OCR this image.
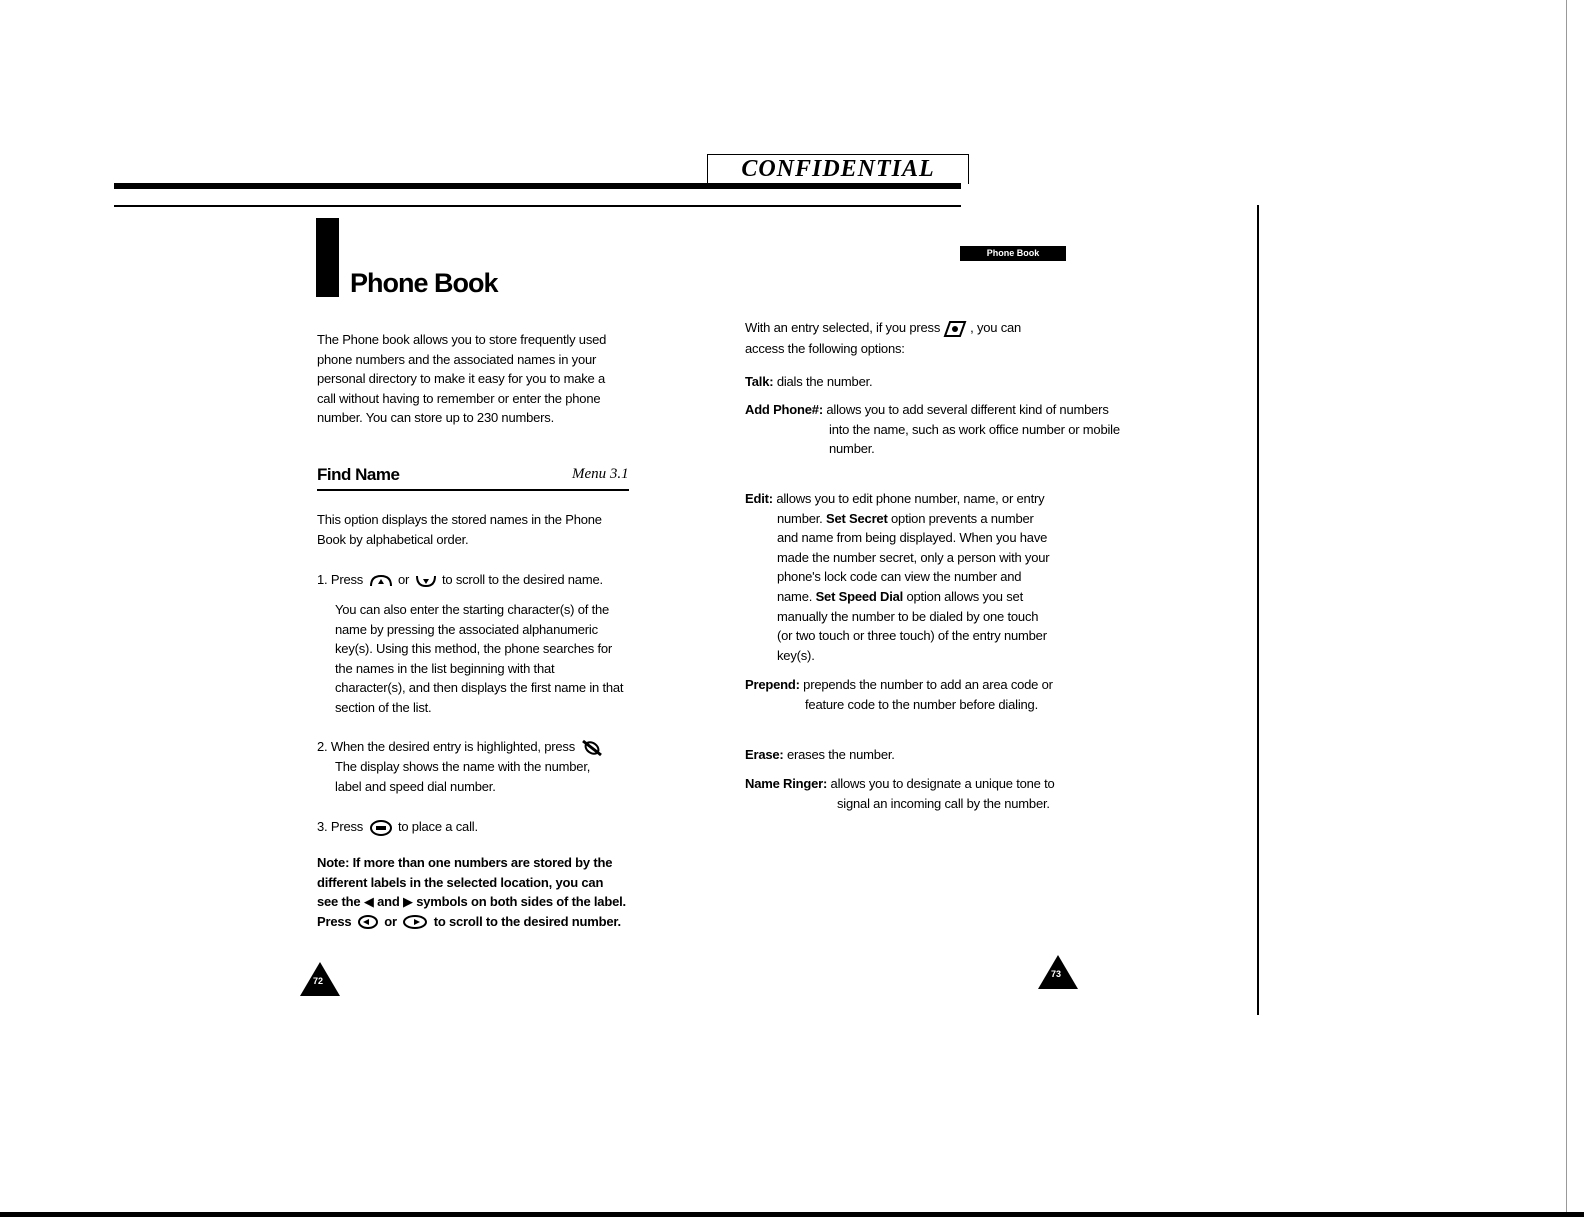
CONFIDENTIAL
Phone Book

The Phone book allows you to store frequently used phone numbers and the associated names in your personal directory to make it easy for you to make a call without having to remember or enter the phone number. You can store up to 230 numbers.

Find Name	Menu 3.1

This option displays the stored names in the Phone Book by alphabetical order.

1. Press	or	to scroll to the desired name.

You can also enter the starting character(s) of the name by pressing the associated alphanumeric key(s). Using this method, the phone searches for the names in the list beginning with that character(s), and then displays the first name in that section of the list.

2. When the desired entry is highlighted, press

The display shows the name with the number, label and speed dial number.

3. Press	to place a call.
Note: If more than one numbers are stored by the different labels in the selected location, you can see the ◀ and ▶ symbols on both sides of the label. Press	or	to scroll to the desired number.
72
Phone Book
With an entry selected, if you press , you can access the following options:
Talk: dials the number.
Add Phone#: allows you to add several different kind of numbers into the name, such as work office number or mobile number.
Edit: allows you to edit phone number, name, or entry number. Set Secret option prevents a number and name from being displayed. When you have made the number secret, only a person with your phone's lock code can view the number and name. Set Speed Dial option allows you set manually the number to be dialed by one touch (or two touch or three touch) of the entry number key(s).
Prepend: prepends the number to add an area code or feature code to the number before dialing.
Erase: erases the number.
Name Ringer: allows you to designate a unique tone to signal an incoming call by the number.
73
